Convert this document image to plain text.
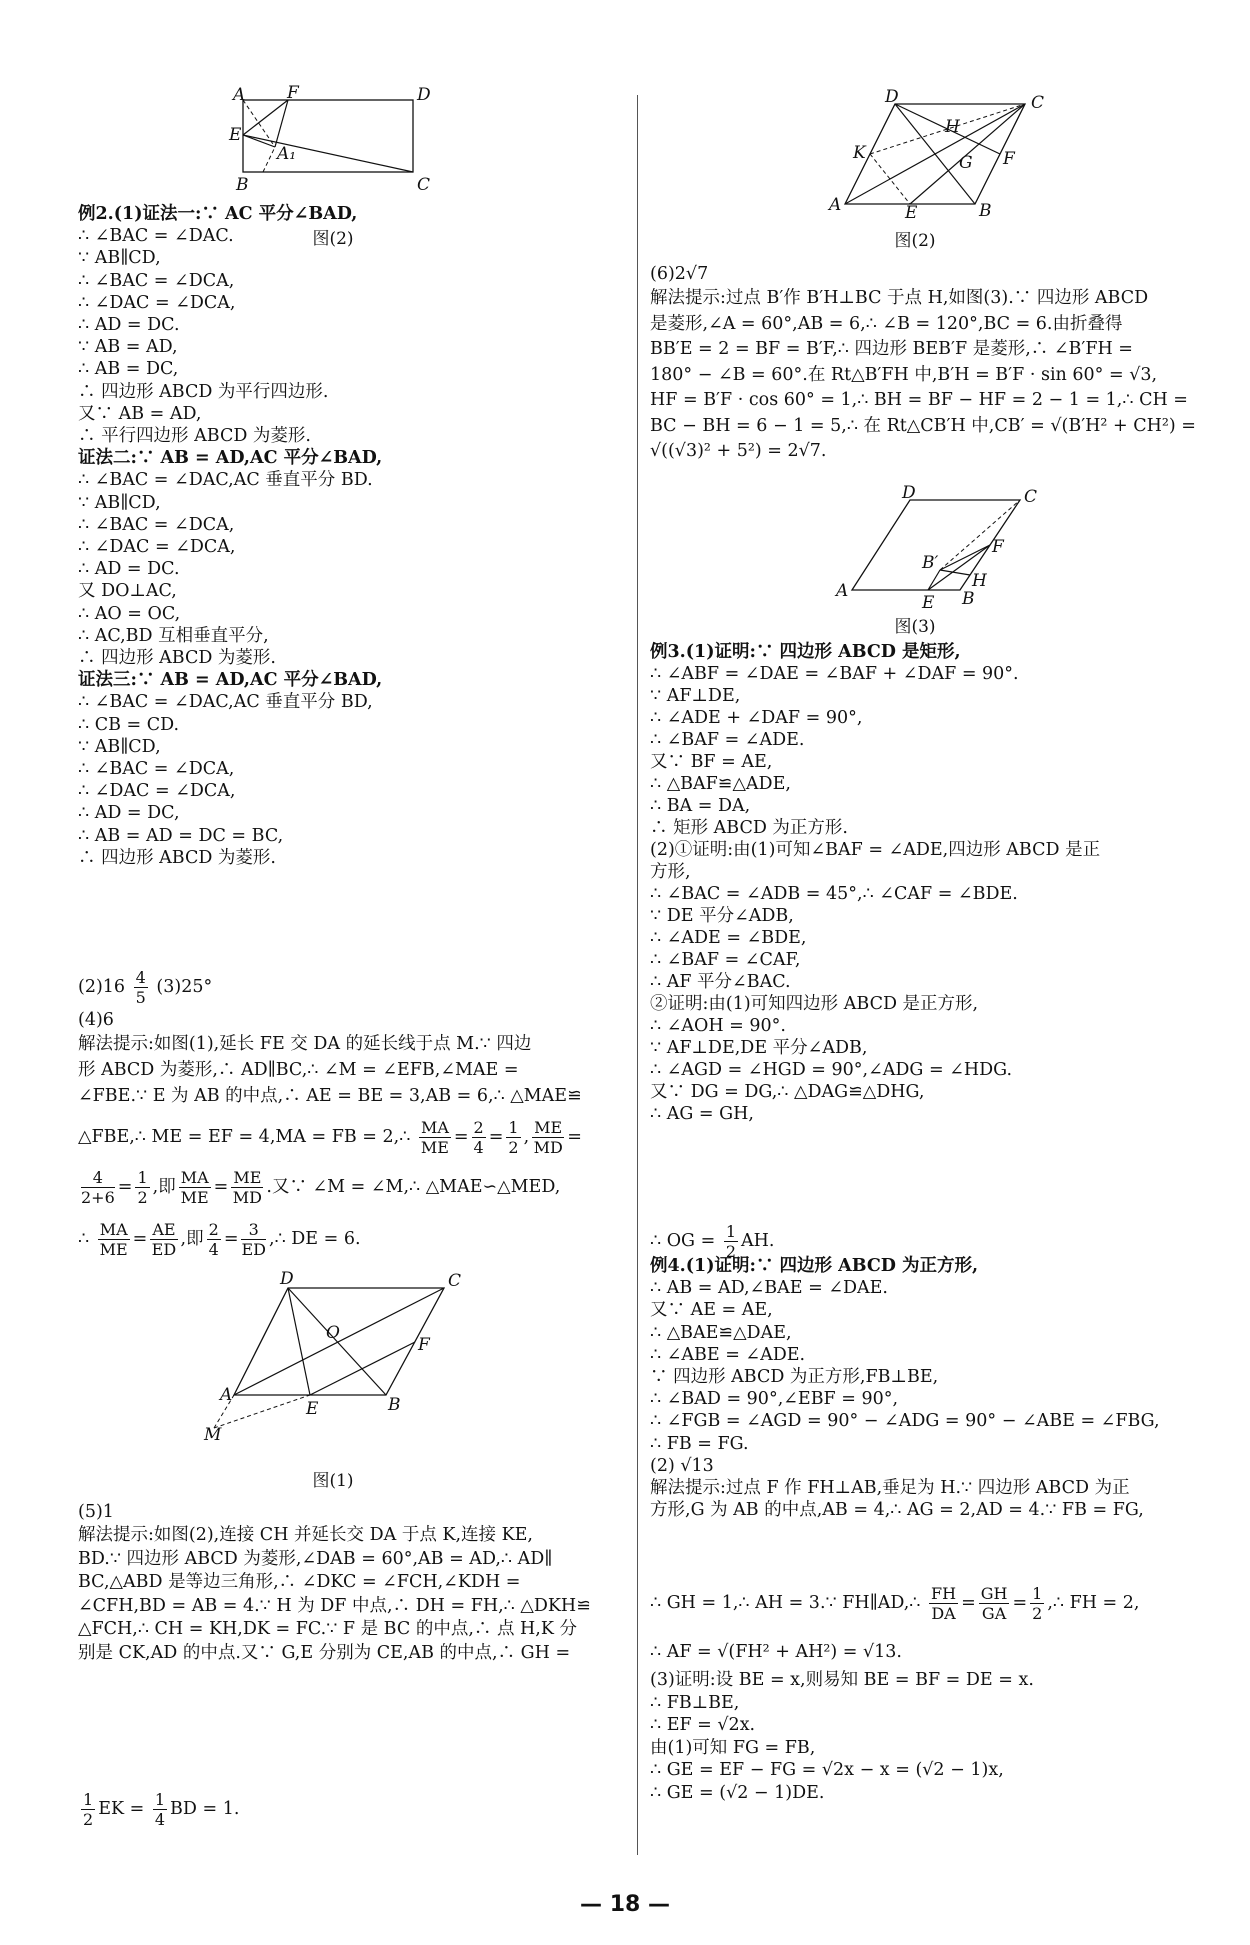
A F	D
E
A₁
B	C
图(2)
例2.(1)证法一:∵ AC 平分∠BAD,
∴ ∠BAC = ∠DAC.
∵ AB∥CD,
∴ ∠BAC = ∠DCA,
∴ ∠DAC = ∠DCA,
∴ AD = DC.
∵ AB = AD,
∴ AB = DC,
∴ 四边形 ABCD 为平行四边形.
又∵ AB = AD,
∴ 平行四边形 ABCD 为菱形.
证法二:∵ AB = AD,AC 平分∠BAD,
∴ ∠BAC = ∠DAC,AC 垂直平分 BD.
∵ AB∥CD,
∴ ∠BAC = ∠DCA,
∴ ∠DAC = ∠DCA,
∴ AD = DC.
又 DO⊥AC,
∴ AO = OC,
∴ AC,BD 互相垂直平分,
∴ 四边形 ABCD 为菱形.
证法三:∵ AB = AD,AC 平分∠BAD,
∴ ∠BAC = ∠DAC,AC 垂直平分 BD,
∴ CB = CD.
∵ AB∥CD,
∴ ∠BAC = ∠DCA,
∴ ∠DAC = ∠DCA,
∴ AD = DC,
∴ AB = AD = DC = BC,
∴ 四边形 ABCD 为菱形.
$(2)16 \frac{4}{5} (3)25^\circ$
(4)6
解法提示:如图(1),延长 FE 交 DA 的延长线于点 M.∵ 四边
形 ABCD 为菱形,∴ AD∥BC,∴ ∠M = ∠EFB,∠MAE =
∠FBE.∵ E 为 AB 的中点,∴ AE = BE = 3,AB = 6,∴ △MAE≌
△FBE,∴ ME = EF = 4,MA = FB = 2,∴ $\frac{MA}{ME} = \frac{2}{4} = \frac{1}{2}$ , $\frac{ME}{MD}$ =
$\frac{4}{2+6} = \frac{1}{2}$ ,即 $\frac{MA}{ME} = \frac{ME}{MD}$ .又∵ ∠M = ∠M,∴ △MAE∽△MED,
∴ $\frac{MA}{ME} = \frac{AE}{ED}$ ,即 $\frac{2}{4} = \frac{3}{ED}$ ,∴ DE = 6.
A
D	C
B
E
F
O
M
图(1)
(5)1
解法提示:如图(2),连接 CH 并延长交 DA 于点 K,连接 KE,
BD.∵ 四边形 ABCD 为菱形,∠DAB = 60°,AB = AD,∴ AD∥
BC,△ABD 是等边三角形,∴ ∠DKC = ∠FCH,∠KDH =
∠CFH,BD = AB = 4.∵ H 为 DF 中点,∴ DH = FH,∴ △DKH≌
△FCH,∴ CH = KH,DK = FC.∵ F 是 BC 的中点,∴ 点 H,K 分
别是 CK,AD 的中点.又∵ G,E 分别为 CE,AB 的中点,∴ GH =
$\frac{1}{2}$ EK = $\frac{1}{4}$ BD = 1.
A
D	C
B
E
F
K
H
G
图(2)
(6)2√7
解法提示:过点 B′作 B′H⊥BC 于点 H,如图(3).∵ 四边形 ABCD
是菱形,∠A = 60°,AB = 6,∴ ∠B = 120°,BC = 6.由折叠得
BB′E = 2 = BF = B′F,∴ 四边形 BEB′F 是菱形,∴ ∠B′FH =
180° − ∠B = 60°.在 Rt△B′FH 中,B′H = B′F · sin 60° = √3,
HF = B′F · cos 60° = 1,∴ BH = BF − HF = 2 − 1 = 1,∴ CH =
BC − BH = 6 − 1 = 5,∴ 在 Rt△CB′H 中,CB′ = √(B′H² + CH²) =
√((√3)² + 5²) = 2√7.
A
D	C
B
E
F
B′
H
图(3)
例3.(1)证明:∵ 四边形 ABCD 是矩形,
∴ ∠ABF = ∠DAE = ∠BAF + ∠DAF = 90°.
∵ AF⊥DE,
∴ ∠ADE + ∠DAF = 90°,
∴ ∠BAF = ∠ADE.
又∵ BF = AE,
∴ △BAF≌△ADE,
∴ BA = DA,
∴ 矩形 ABCD 为正方形.
(2)①证明:由(1)可知∠BAF = ∠ADE,四边形 ABCD 是正
方形,
∴ ∠BAC = ∠ADB = 45°,∴ ∠CAF = ∠BDE.
∵ DE 平分∠ADB,
∴ ∠ADE = ∠BDE,
∴ ∠BAF = ∠CAF,
∴ AF 平分∠BAC.
②证明:由(1)可知四边形 ABCD 是正方形,
∴ ∠AOH = 90°.
∵ AF⊥DE,DE 平分∠ADB,
∴ ∠AGD = ∠HGD = 90°,∠ADG = ∠HDG.
又∵ DG = DG,∴ △DAG≌△DHG,
∴ AG = GH,
∴ OG = $\frac{1}{2}$ AH.
例4.(1)证明:∵ 四边形 ABCD 为正方形,
∴ AB = AD,∠BAE = ∠DAE.
又∵ AE = AE,
∴ △BAE≌△DAE,
∴ ∠ABE = ∠ADE.
∵ 四边形 ABCD 为正方形,FB⊥BE,
∴ ∠BAD = 90°,∠EBF = 90°,
∴ ∠FGB = ∠AGD = 90° − ∠ADG = 90° − ∠ABE = ∠FBG,
∴ FB = FG.
(2) √13
解法提示:过点 F 作 FH⊥AB,垂足为 H.∵ 四边形 ABCD 为正
方形,G 为 AB 的中点,AB = 4,∴ AG = 2,AD = 4.∵ FB = FG,
∴ GH = 1,∴ AH = 3.∵ FH∥AD,∴ $\frac{FH}{DA} = \frac{GH}{GA} = \frac{1}{2}$ ,∴ FH = 2,
∴ AF = √(FH² + AH²) = √13.
(3)证明:设 BE = x,则易知 BE = BF = DE = x.
∴ FB⊥BE,
∴ EF = √2x.
由(1)可知 FG = FB,
∴ GE = EF − FG = √2x − x = (√2 − 1)x,
∴ GE = (√2 − 1)DE.
— 18 —
